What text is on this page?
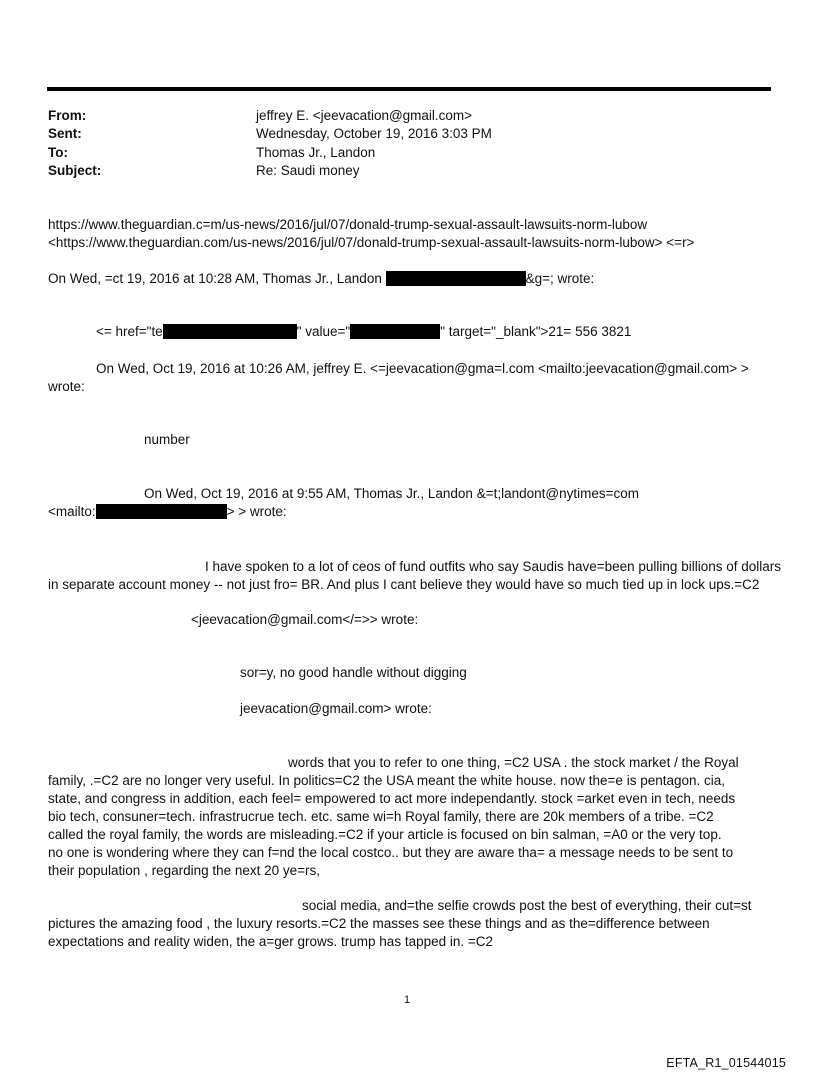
From:	jeffrey E. <jeevacation@gmail.com>
Sent:	Wednesday, October 19, 2016 3:03 PM
To:	Thomas Jr., Landon
Subject:	Re: Saudi money
https://www.theguardian.c=m/us-news/2016/jul/07/donald-trump-sexual-assault-lawsuits-norm-lubow
<https://www.theguardian.com/us-news/2016/jul/07/donald-trump-sexual-assault-lawsuits-norm-lubow> <=r>
On Wed, =ct 19, 2016 at 10:28 AM, Thomas Jr., Landon	&g=; wrote:
<= href="te	" value="	" target="_blank">21= 556 3821
On Wed, Oct 19, 2016 at 10:26 AM, jeffrey E. <=jeevacation@gma=l.com <mailto:jeevacation@gmail.com> >
wrote:
number
On Wed, Oct 19, 2016 at 9:55 AM, Thomas Jr., Landon &=t;landont@nytimes=com
<mailto:	> > wrote:
I have spoken to a lot of ceos of fund outfits who say Saudis have=been pulling billions of dollars
in separate account money -- not just fro= BR. And plus I cant believe they would have so much tied up in lock ups.=C2
<jeevacation@gmail.com</=>> wrote:
sor=y, no good handle without digging
jeevacation@gmail.com> wrote:
words that you to refer to one thing, =C2 USA . the stock market / the Royal
family, .=C2 are no longer very useful. In politics=C2 the USA meant the white house. now the=e is pentagon. cia,
state, and congress in addition, each feel= empowered to act more independantly. stock =arket even in tech, needs
bio tech, consuner=tech. infrastrucrue tech. etc. same wi=h Royal family, there are 20k members of a tribe. =C2
called the royal family, the words are misleading.=C2 if your article is focused on bin salman, =A0 or the very top.
no one is wondering where they can f=nd the local costco.. but they are aware tha= a message needs to be sent to
their population , regarding the next 20 ye=rs,
social media, and=the selfie crowds post the best of everything, their cut=st
pictures the amazing food , the luxury resorts.=C2 the masses see these things and as the=difference between
expectations and reality widen, the a=ger grows. trump has tapped in. =C2
1
EFTA_R1_01544015
